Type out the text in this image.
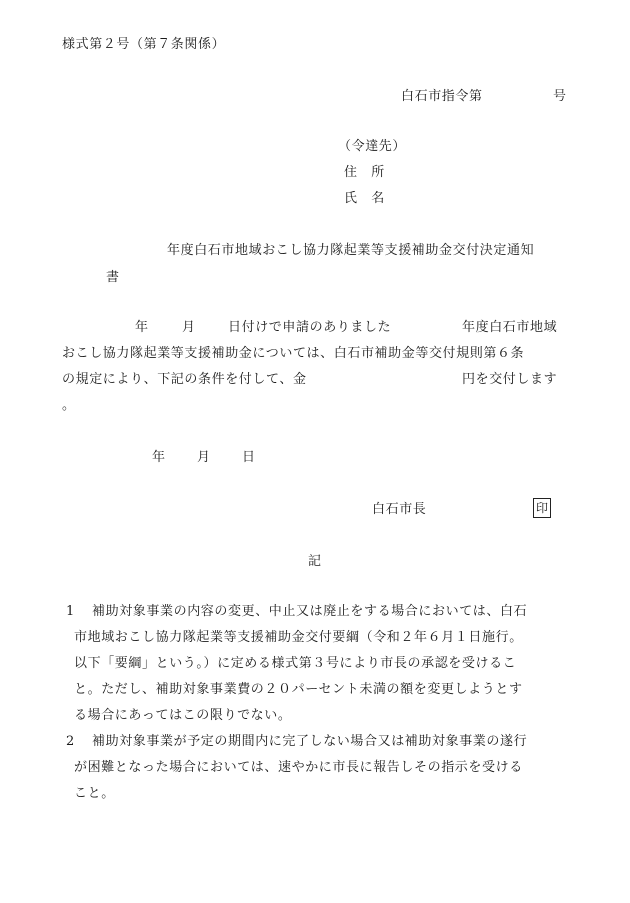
様式第２号（第７条関係）
白石市指令第	号
（令達先）
住　所
氏　名
年度白石市地域おこし協力隊起業等支援補助金交付決定通知
書
年	月 日付けで申請のありました	年度白石市地域
おこし協力隊起業等支援補助金については、白石市補助金等交付規則第６条
の規定により、下記の条件を付して、金	円を交付します
。
年 月 日
白石市長	印
記
1 補助対象事業の内容の変更、中止又は廃止をする場合においては、白石
市地域おこし協力隊起業等支援補助金交付要綱（令和２年６月１日施行。
以下「要綱」という。）に定める様式第３号により市長の承認を受けるこ
と。ただし、補助対象事業費の２０パーセント未満の額を変更しようとす
る場合にあってはこの限りでない。
2 補助対象事業が予定の期間内に完了しない場合又は補助対象事業の遂行
が困難となった場合においては、速やかに市長に報告しその指示を受ける
こと。
